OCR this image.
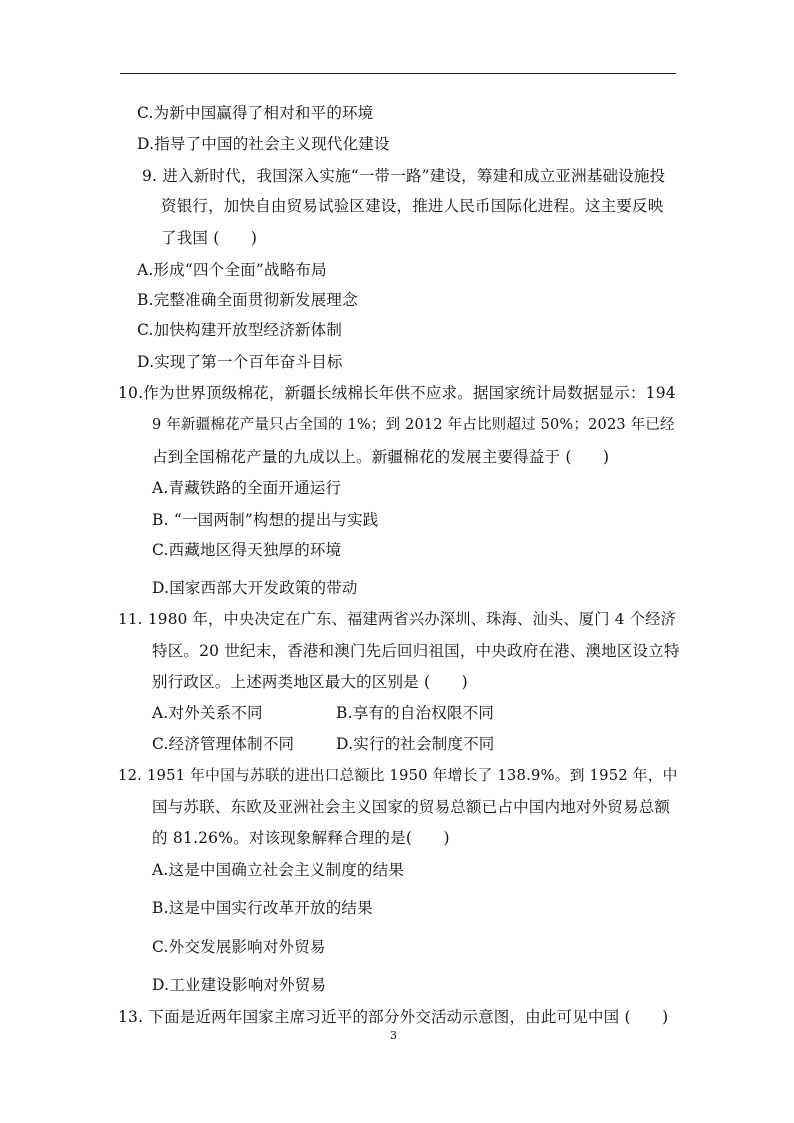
C.为新中国赢得了相对和平的环境
D.指导了中国的社会主义现代化建设
9. 进入新时代，我国深入实施“一带一路”建设，筹建和成立亚洲基础设施投
资银行，加快自由贸易试验区建设，推进人民币国际化进程。这主要反映
了我国 (　　)
A.形成“四个全面”战略布局
B.完整准确全面贯彻新发展理念
C.加快构建开放型经济新体制
D.实现了第一个百年奋斗目标
10.作为世界顶级棉花，新疆长绒棉长年供不应求。据国家统计局数据显示：194
9 年新疆棉花产量只占全国的 1%；到 2012 年占比则超过 50%；2023 年已经
占到全国棉花产量的九成以上。新疆棉花的发展主要得益于 (　　)
A.青藏铁路的全面开通运行
B. “一国两制”构想的提出与实践
C.西藏地区得天独厚的环境
D.国家西部大开发政策的带动
11. 1980 年，中央决定在广东、福建两省兴办深圳、珠海、汕头、厦门 4 个经济
特区。20 世纪末，香港和澳门先后回归祖国，中央政府在港、澳地区设立特
别行政区。上述两类地区最大的区别是 (　　)
A.对外关系不同	B.享有的自治权限不同
C.经济管理体制不同	D.实行的社会制度不同
12. 1951 年中国与苏联的进出口总额比 1950 年增长了 138.9%。到 1952 年，中
国与苏联、东欧及亚洲社会主义国家的贸易总额已占中国内地对外贸易总额
的 81.26%。对该现象解释合理的是(　　)
A.这是中国确立社会主义制度的结果
B.这是中国实行改革开放的结果
C.外交发展影响对外贸易
D.工业建设影响对外贸易
13. 下面是近两年国家主席习近平的部分外交活动示意图，由此可见中国 (　　)
3
